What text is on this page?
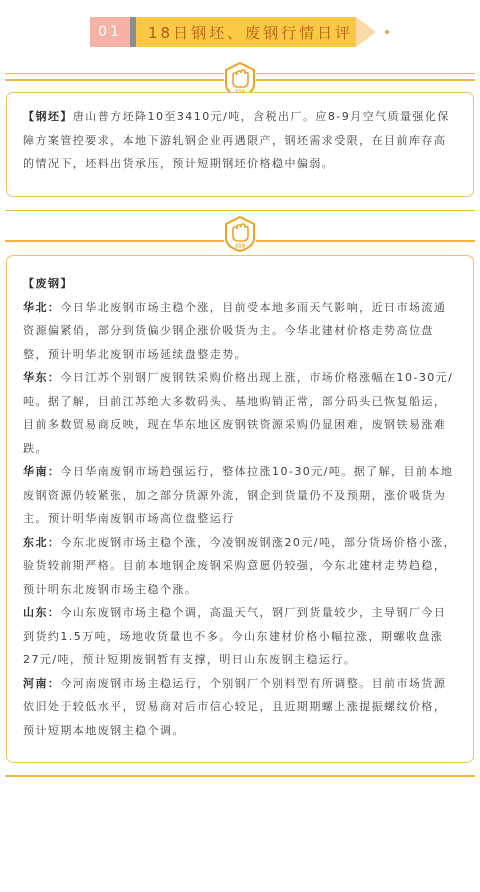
01	18日钢坯、废钢行情日评

【钢坯】唐山普方坯降10至3410元/吨，含税出厂。应8-9月空气质量强化保障方案管控要求，本地下游轧钢企业再遇限产，钢坯需求受限，在目前库存高的情况下，坯料出货承压，预计短期钢坯价格稳中偏弱。

315

【废钢】

华北：今日华北废钢市场主稳个涨，目前受本地多雨天气影响，近日市场流通资源偏紧俏，部分到货偏少钢企涨价吸货为主。今华北建材价格走势高位盘整，预计明华北废钢市场延续盘整走势。

华东：今日江苏个别钢厂废钢铁采购价格出现上涨，市场价格涨幅在10-30元/吨。据了解，目前江苏绝大多数码头、基地购销正常，部分码头已恢复船运，目前多数贸易商反映，现在华东地区废钢铁资源采购仍显困难，废钢铁易涨难跌。

华南：今日华南废钢市场趋强运行，整体拉涨10-30元/吨。据了解，目前本地废钢资源仍较紧张，加之部分货源外流，钢企到货量仍不及预期，涨价吸货为主。预计明华南废钢市场高位盘整运行

东北：今东北废钢市场主稳个涨，今凌钢废钢涨20元/吨，部分货场价格小涨，验货较前期严格。目前本地钢企废钢采购意愿仍较强，今东北建材走势趋稳，预计明东北废钢市场主稳个涨。

山东：今山东废钢市场主稳个调，高温天气，钢厂到货量较少，主导钢厂今日到货约1.5万吨，场地收货量也不多。今山东建材价格小幅拉涨，期螺收盘涨27元/吨，预计短期废钢暂有支撑，明日山东废钢主稳运行。

河南：今河南废钢市场主稳运行，个别钢厂个别料型有所调整。目前市场货源依旧处于较低水平，贸易商对后市信心较足，且近期期螺上涨提振螺纹价格，预计短期本地废钢主稳个调。
